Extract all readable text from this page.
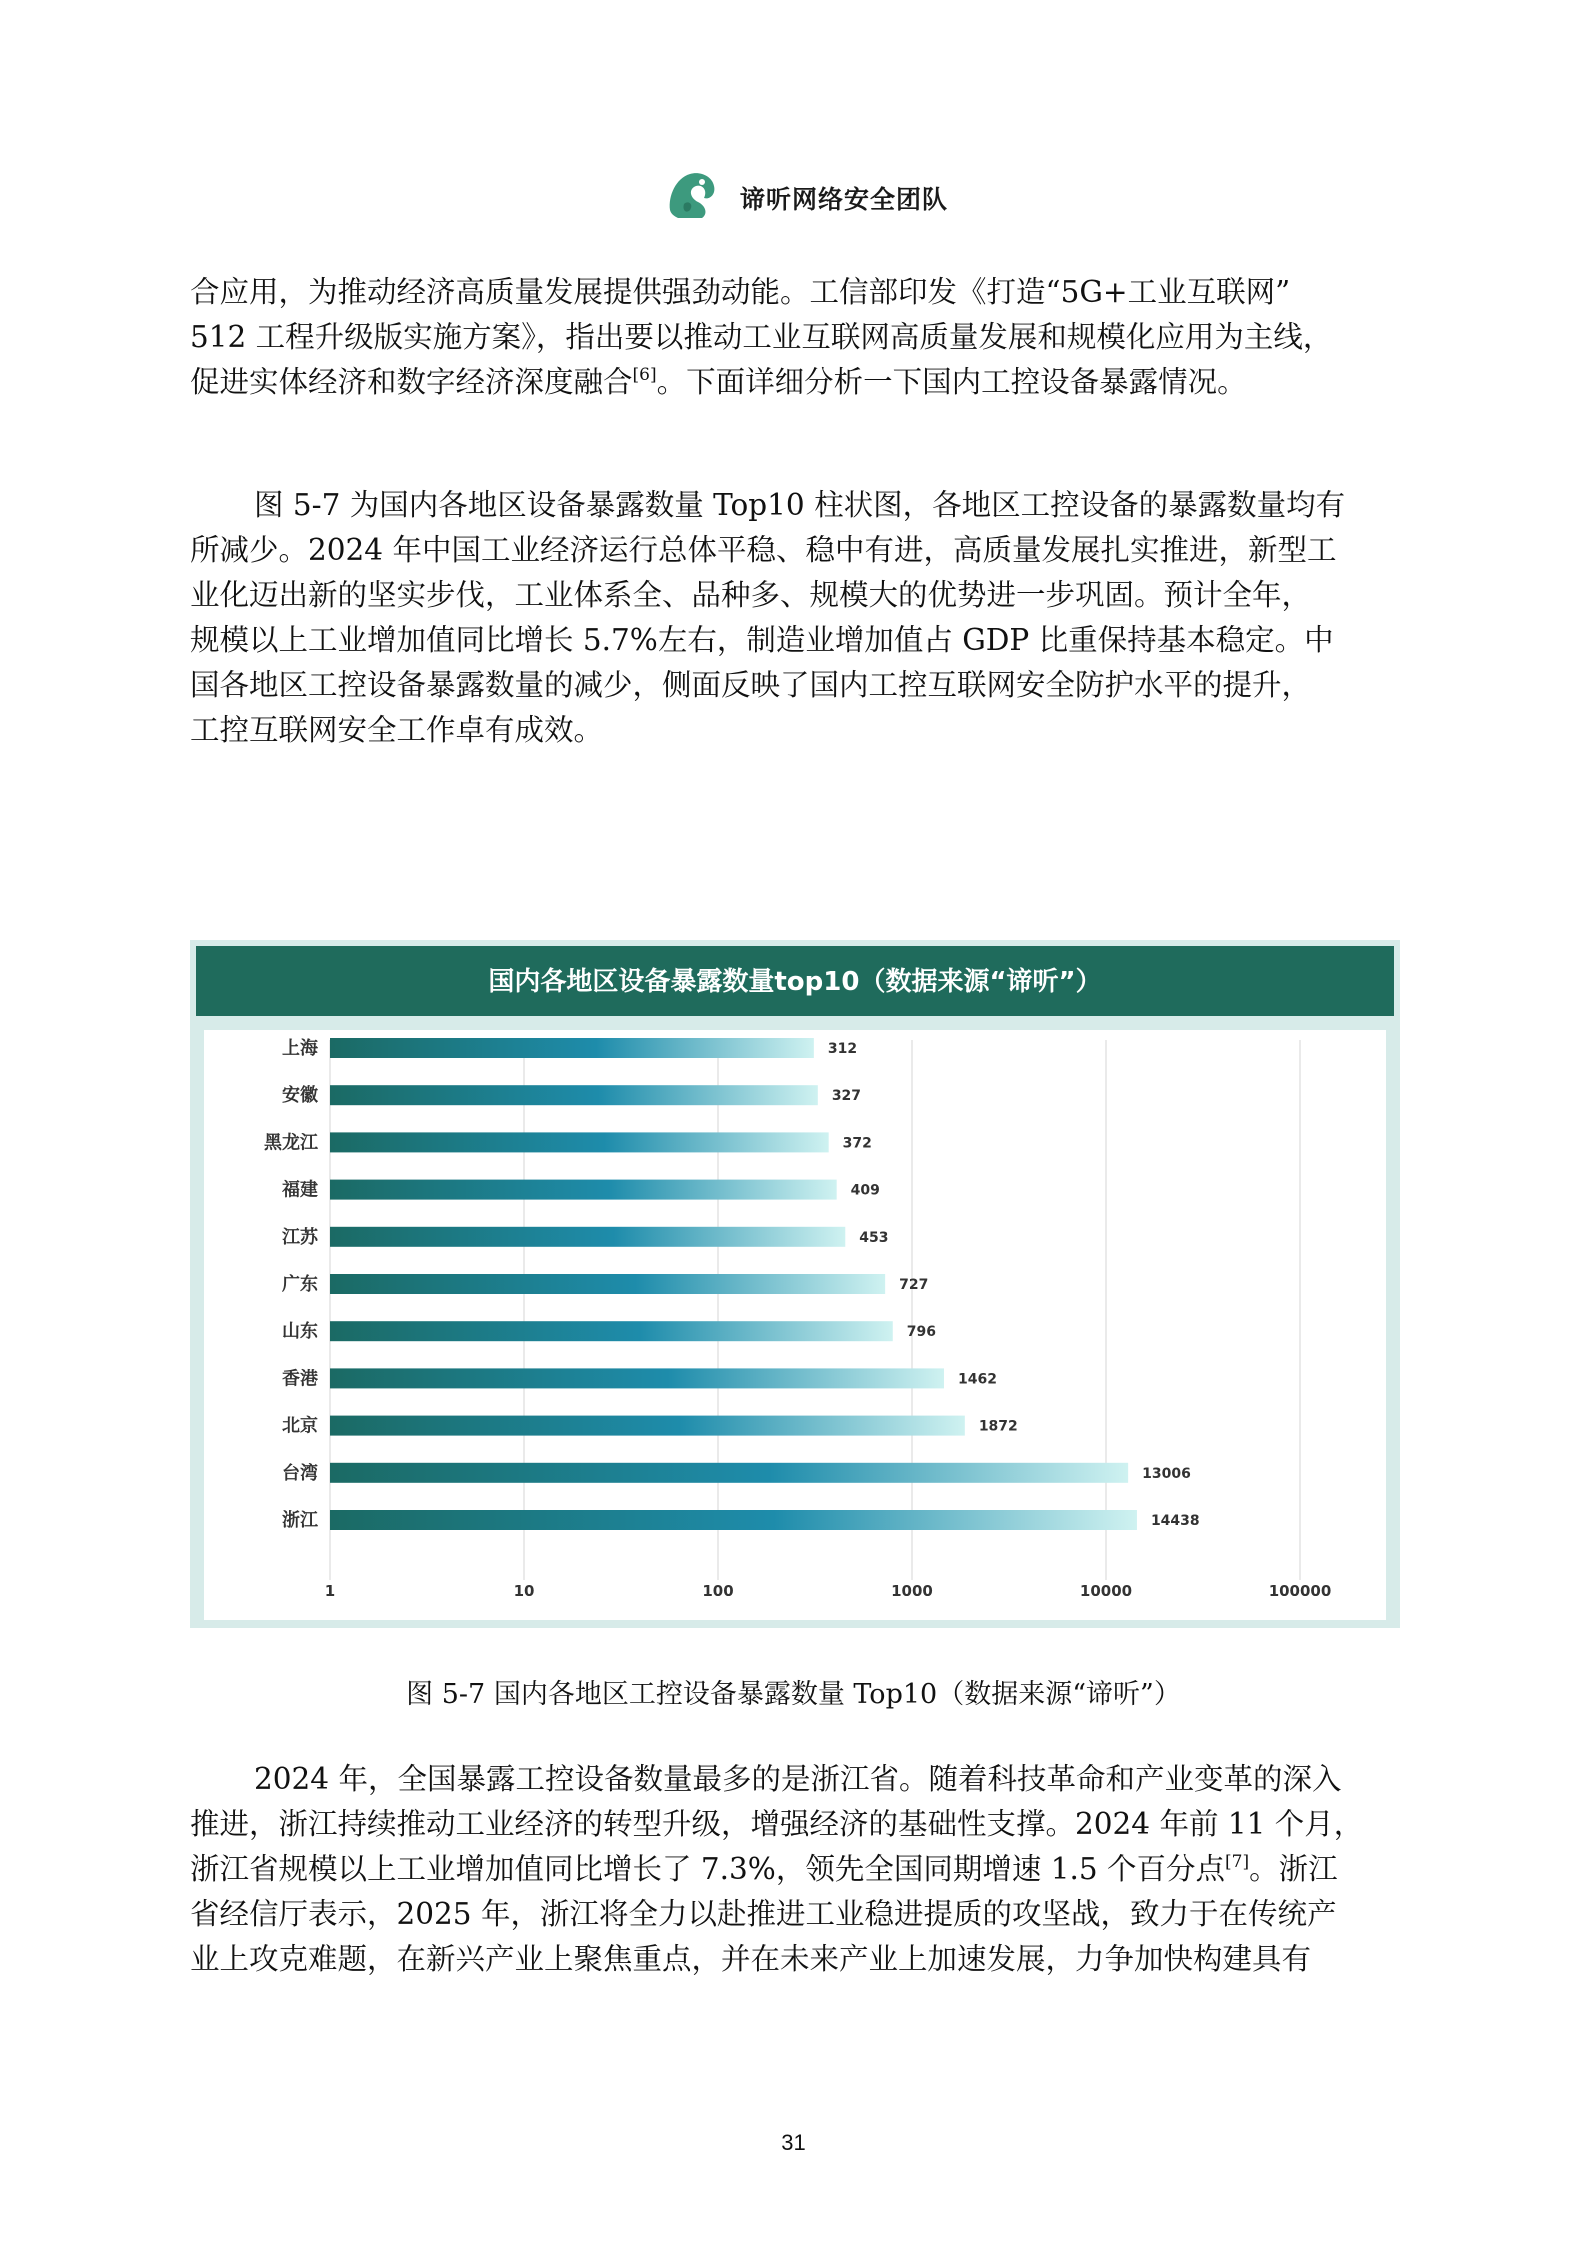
谛听网络安全团队
合应用，为推动经济高质量发展提供强劲动能。工信部印发《打造“5G+工业互联网”
512 工程升级版实施方案》，指出要以推动工业互联网高质量发展和规模化应用为主线，
促进实体经济和数字经济深度融合[6]。下面详细分析一下国内工控设备暴露情况。
图 5-7 为国内各地区设备暴露数量 Top10 柱状图，各地区工控设备的暴露数量均有
所减少。2024 年中国工业经济运行总体平稳、稳中有进，高质量发展扎实推进，新型工
业化迈出新的坚实步伐，工业体系全、品种多、规模大的优势进一步巩固。预计全年，
规模以上工业增加值同比增长 5.7%左右，制造业增加值占 GDP 比重保持基本稳定。中
国各地区工控设备暴露数量的减少，侧面反映了国内工控互联网安全防护水平的提升，
工控互联网安全工作卓有成效。
国内各地区设备暴露数量top10（数据来源“谛听”）
上海	312
安徽	327
黑龙江	372
福建	409
江苏	453
广东	727
山东	796
香港	1462
北京	1872
台湾	13006
浙江	14438
1	10	100	1000	10000	100000
图 5-7 国内各地区工控设备暴露数量 Top10（数据来源“谛听”）
2024 年，全国暴露工控设备数量最多的是浙江省。随着科技革命和产业变革的深入
推进，浙江持续推动工业经济的转型升级，增强经济的基础性支撑。2024 年前 11 个月，
浙江省规模以上工业增加值同比增长了 7.3%，领先全国同期增速 1.5 个百分点[7]。浙江
省经信厅表示，2025 年，浙江将全力以赴推进工业稳进提质的攻坚战，致力于在传统产
业上攻克难题，在新兴产业上聚焦重点，并在未来产业上加速发展，力争加快构建具有
31
